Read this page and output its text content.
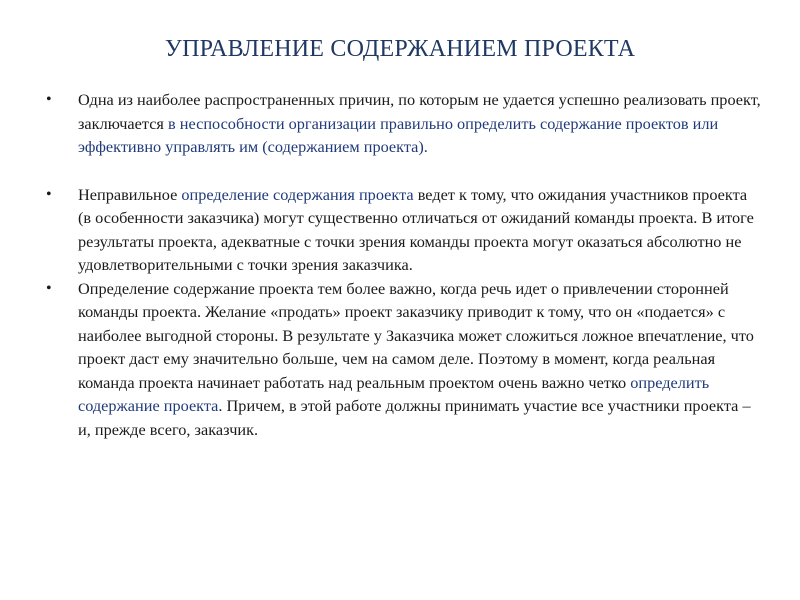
УПРАВЛЕНИЕ СОДЕРЖАНИЕМ ПРОЕКТА
• Одна из наиболее распространенных причин, по которым не удается успешно реализовать проект, заключается в неспособности организации правильно определить содержание проектов или эффективно управлять им (содержанием проекта).
• Неправильное определение содержания проекта ведет к тому, что ожидания участников проекта (в особенности заказчика) могут существенно отличаться от ожиданий команды проекта. В итоге результаты проекта, адекватные с точки зрения команды проекта могут оказаться абсолютно не удовлетворительными с точки зрения заказчика.
• Определение содержание проекта тем более важно, когда речь идет о привлечении сторонней команды проекта. Желание «продать» проект заказчику приводит к тому, что он «подается» с наиболее выгодной стороны. В результате у Заказчика может сложиться ложное впечатление, что проект даст ему значительно больше, чем на самом деле. Поэтому в момент, когда реальная команда проекта начинает работать над реальным проектом очень важно четко определить содержание проекта. Причем, в этой работе должны принимать участие все участники проекта – и, прежде всего, заказчик.
